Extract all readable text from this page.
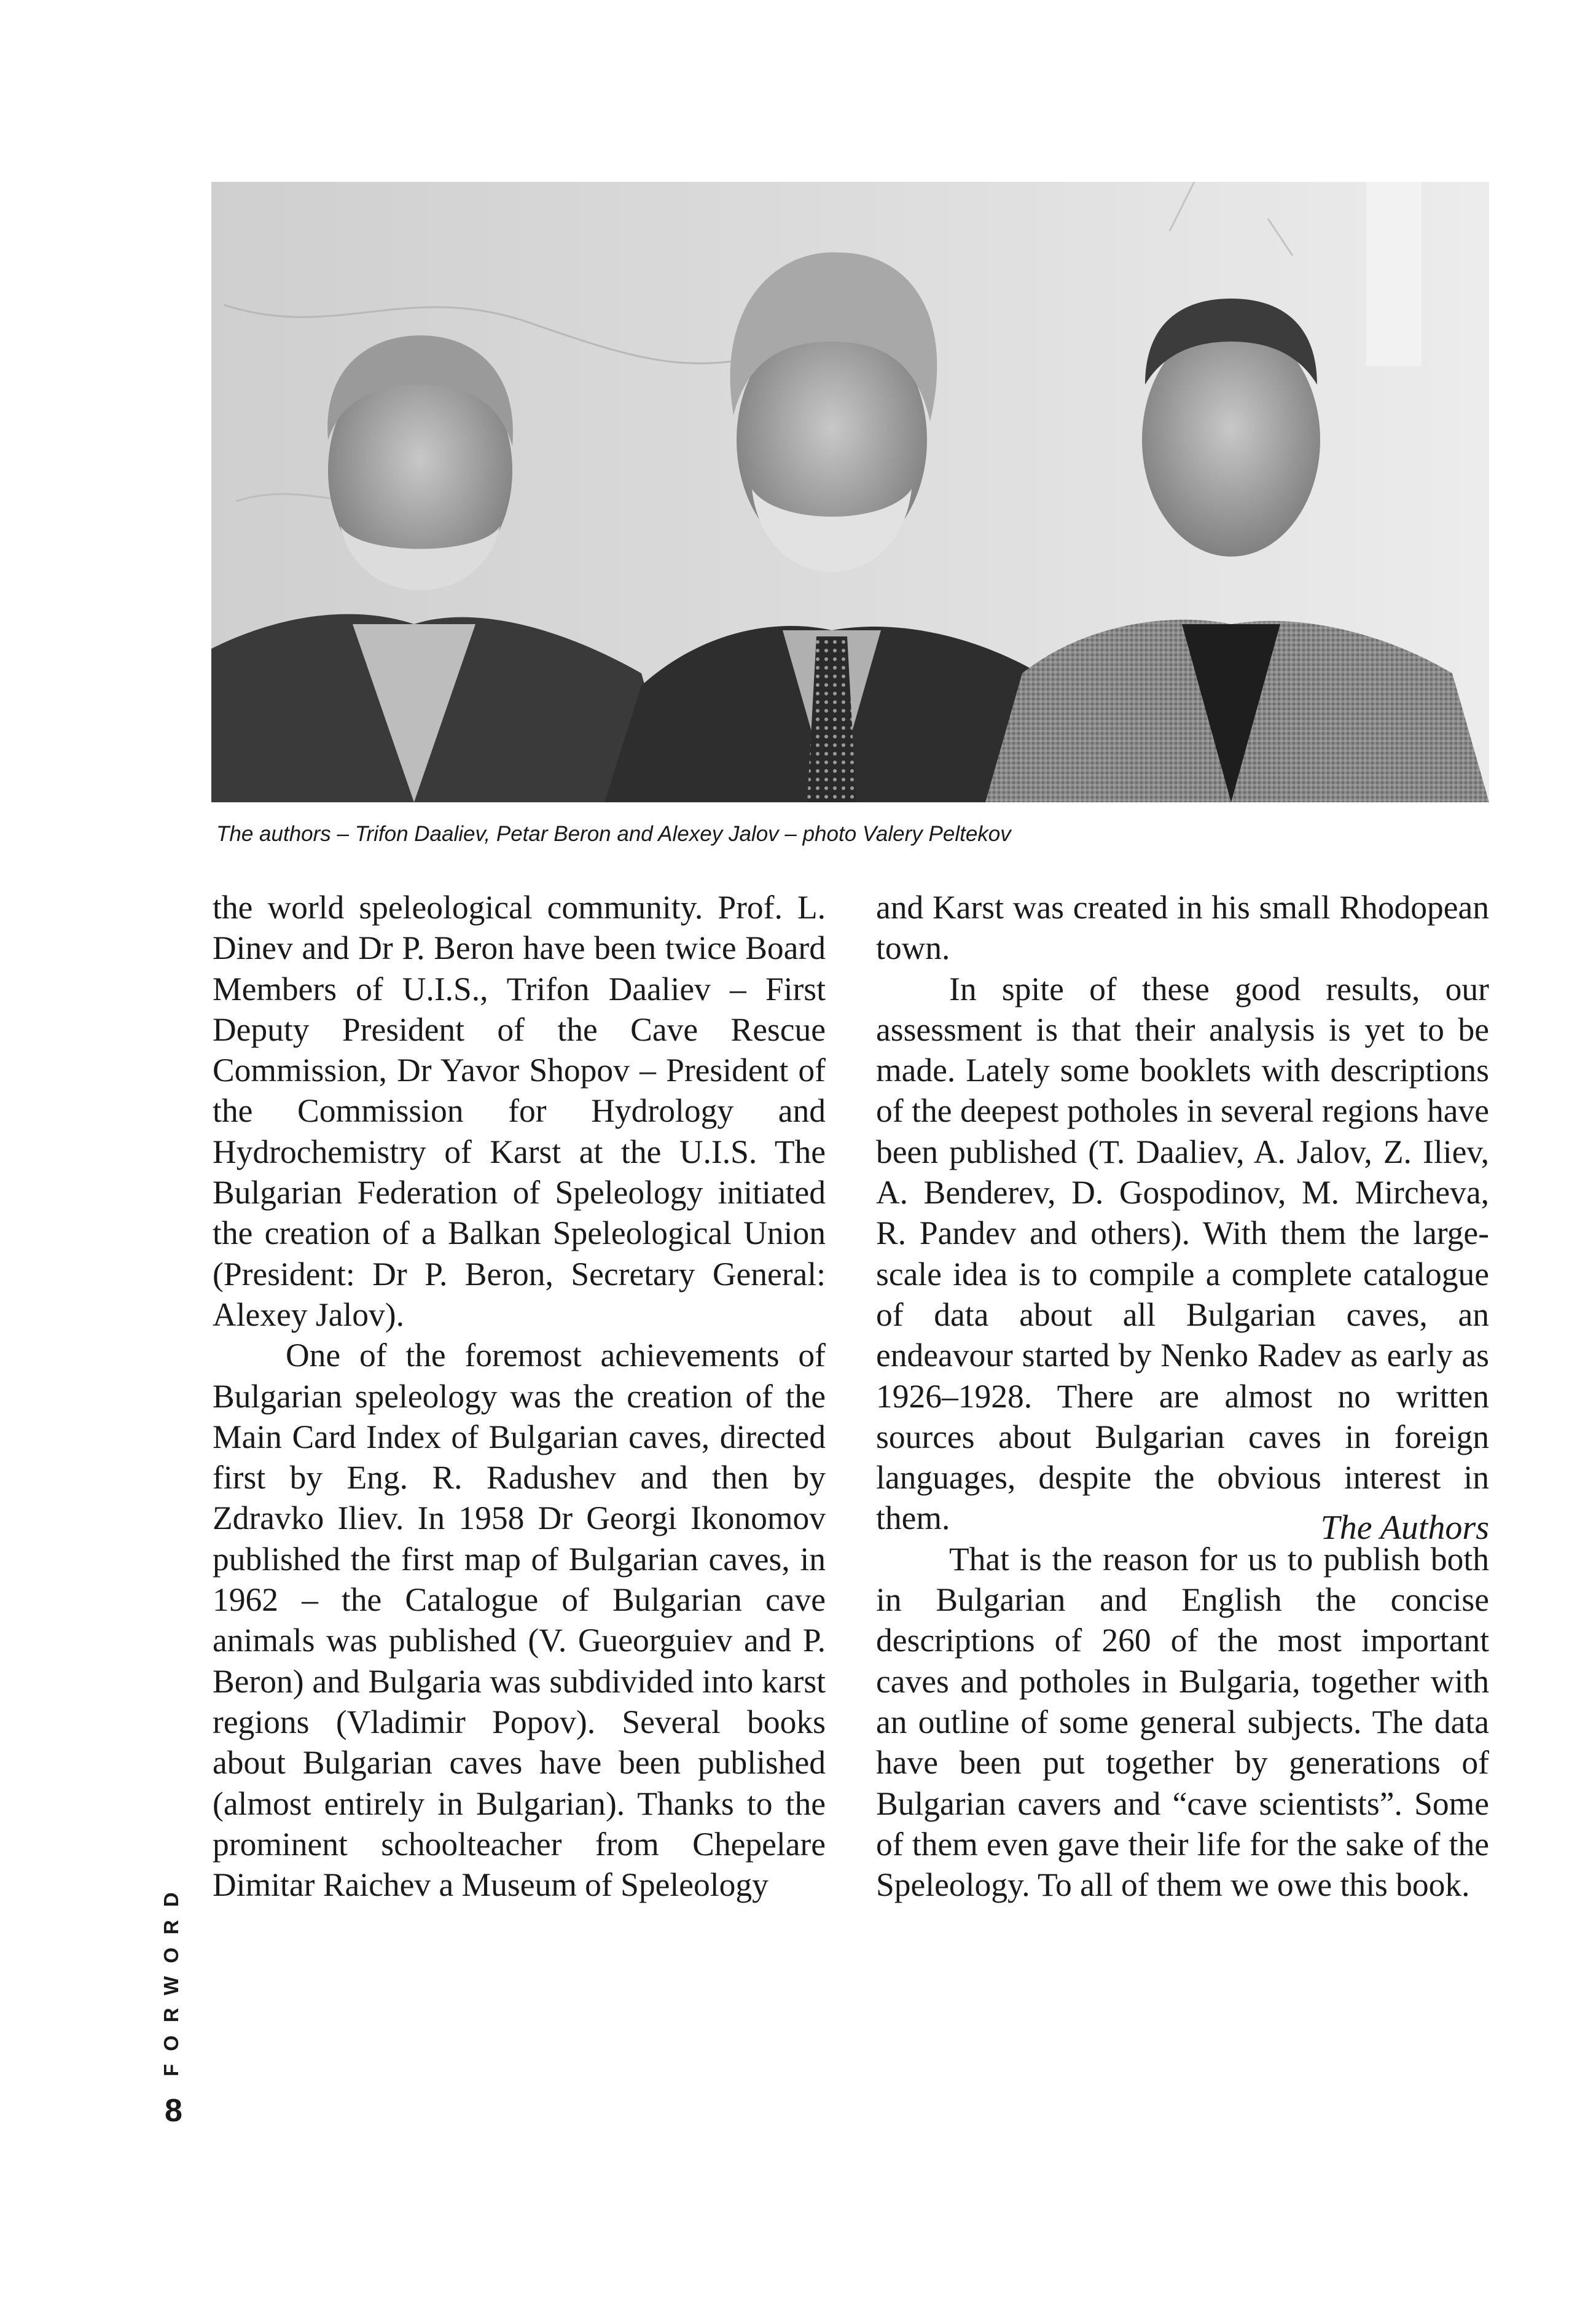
The authors – Trifon Daaliev, Petar Beron and Alexey Jalov – photo Valery Peltekov

the world speleological community. Prof. L. Dinev and Dr P. Beron have been twice Board Members of U.I.S., Trifon Daaliev – First Deputy President of the Cave Rescue Commission, Dr Yavor Shopov – President of the Commission for Hydrology and Hydrochemistry of Karst at the U.I.S. The Bulgarian Federation of Speleology initiated the creation of a Balkan Speleological Union (President: Dr P. Beron, Secretary General: Alexey Jalov).

One of the foremost achievements of Bulgarian speleology was the creation of the Main Card Index of Bulgarian caves, directed first by Eng. R. Radushev and then by Zdravko Iliev. In 1958 Dr Georgi Ikonomov published the first map of Bulgarian caves, in 1962 – the Catalogue of Bulgarian cave animals was published (V. Gueorguiev and P. Beron) and Bulgaria was subdivided into karst regions (Vladimir Popov). Several books about Bulgarian caves have been published (almost entirely in Bulgarian). Thanks to the prominent schoolteacher from Chepelare Dimitar Raichev a Museum of Speleology

and Karst was created in his small Rhodopean town.

In spite of these good results, our assessment is that their analysis is yet to be made. Lately some booklets with descriptions of the deepest potholes in several regions have been published (T. Daaliev, A. Jalov, Z. Iliev, A. Benderev, D. Gospodinov, M. Mircheva, R. Pandev and others). With them the large-scale idea is to compile a complete catalogue of data about all Bulgarian caves, an endeavour started by Nenko Radev as early as 1926–1928. There are almost no written sources about Bulgarian caves in foreign languages, despite the obvious interest in them.

That is the reason for us to publish both in Bulgarian and English the concise descriptions of 260 of the most important caves and potholes in Bulgaria, together with an outline of some general subjects. The data have been put together by generations of Bulgarian cavers and “cave scientists”. Some of them even gave their life for the sake of the Speleology. To all of them we owe this book.

The Authors
FORWORD
8
